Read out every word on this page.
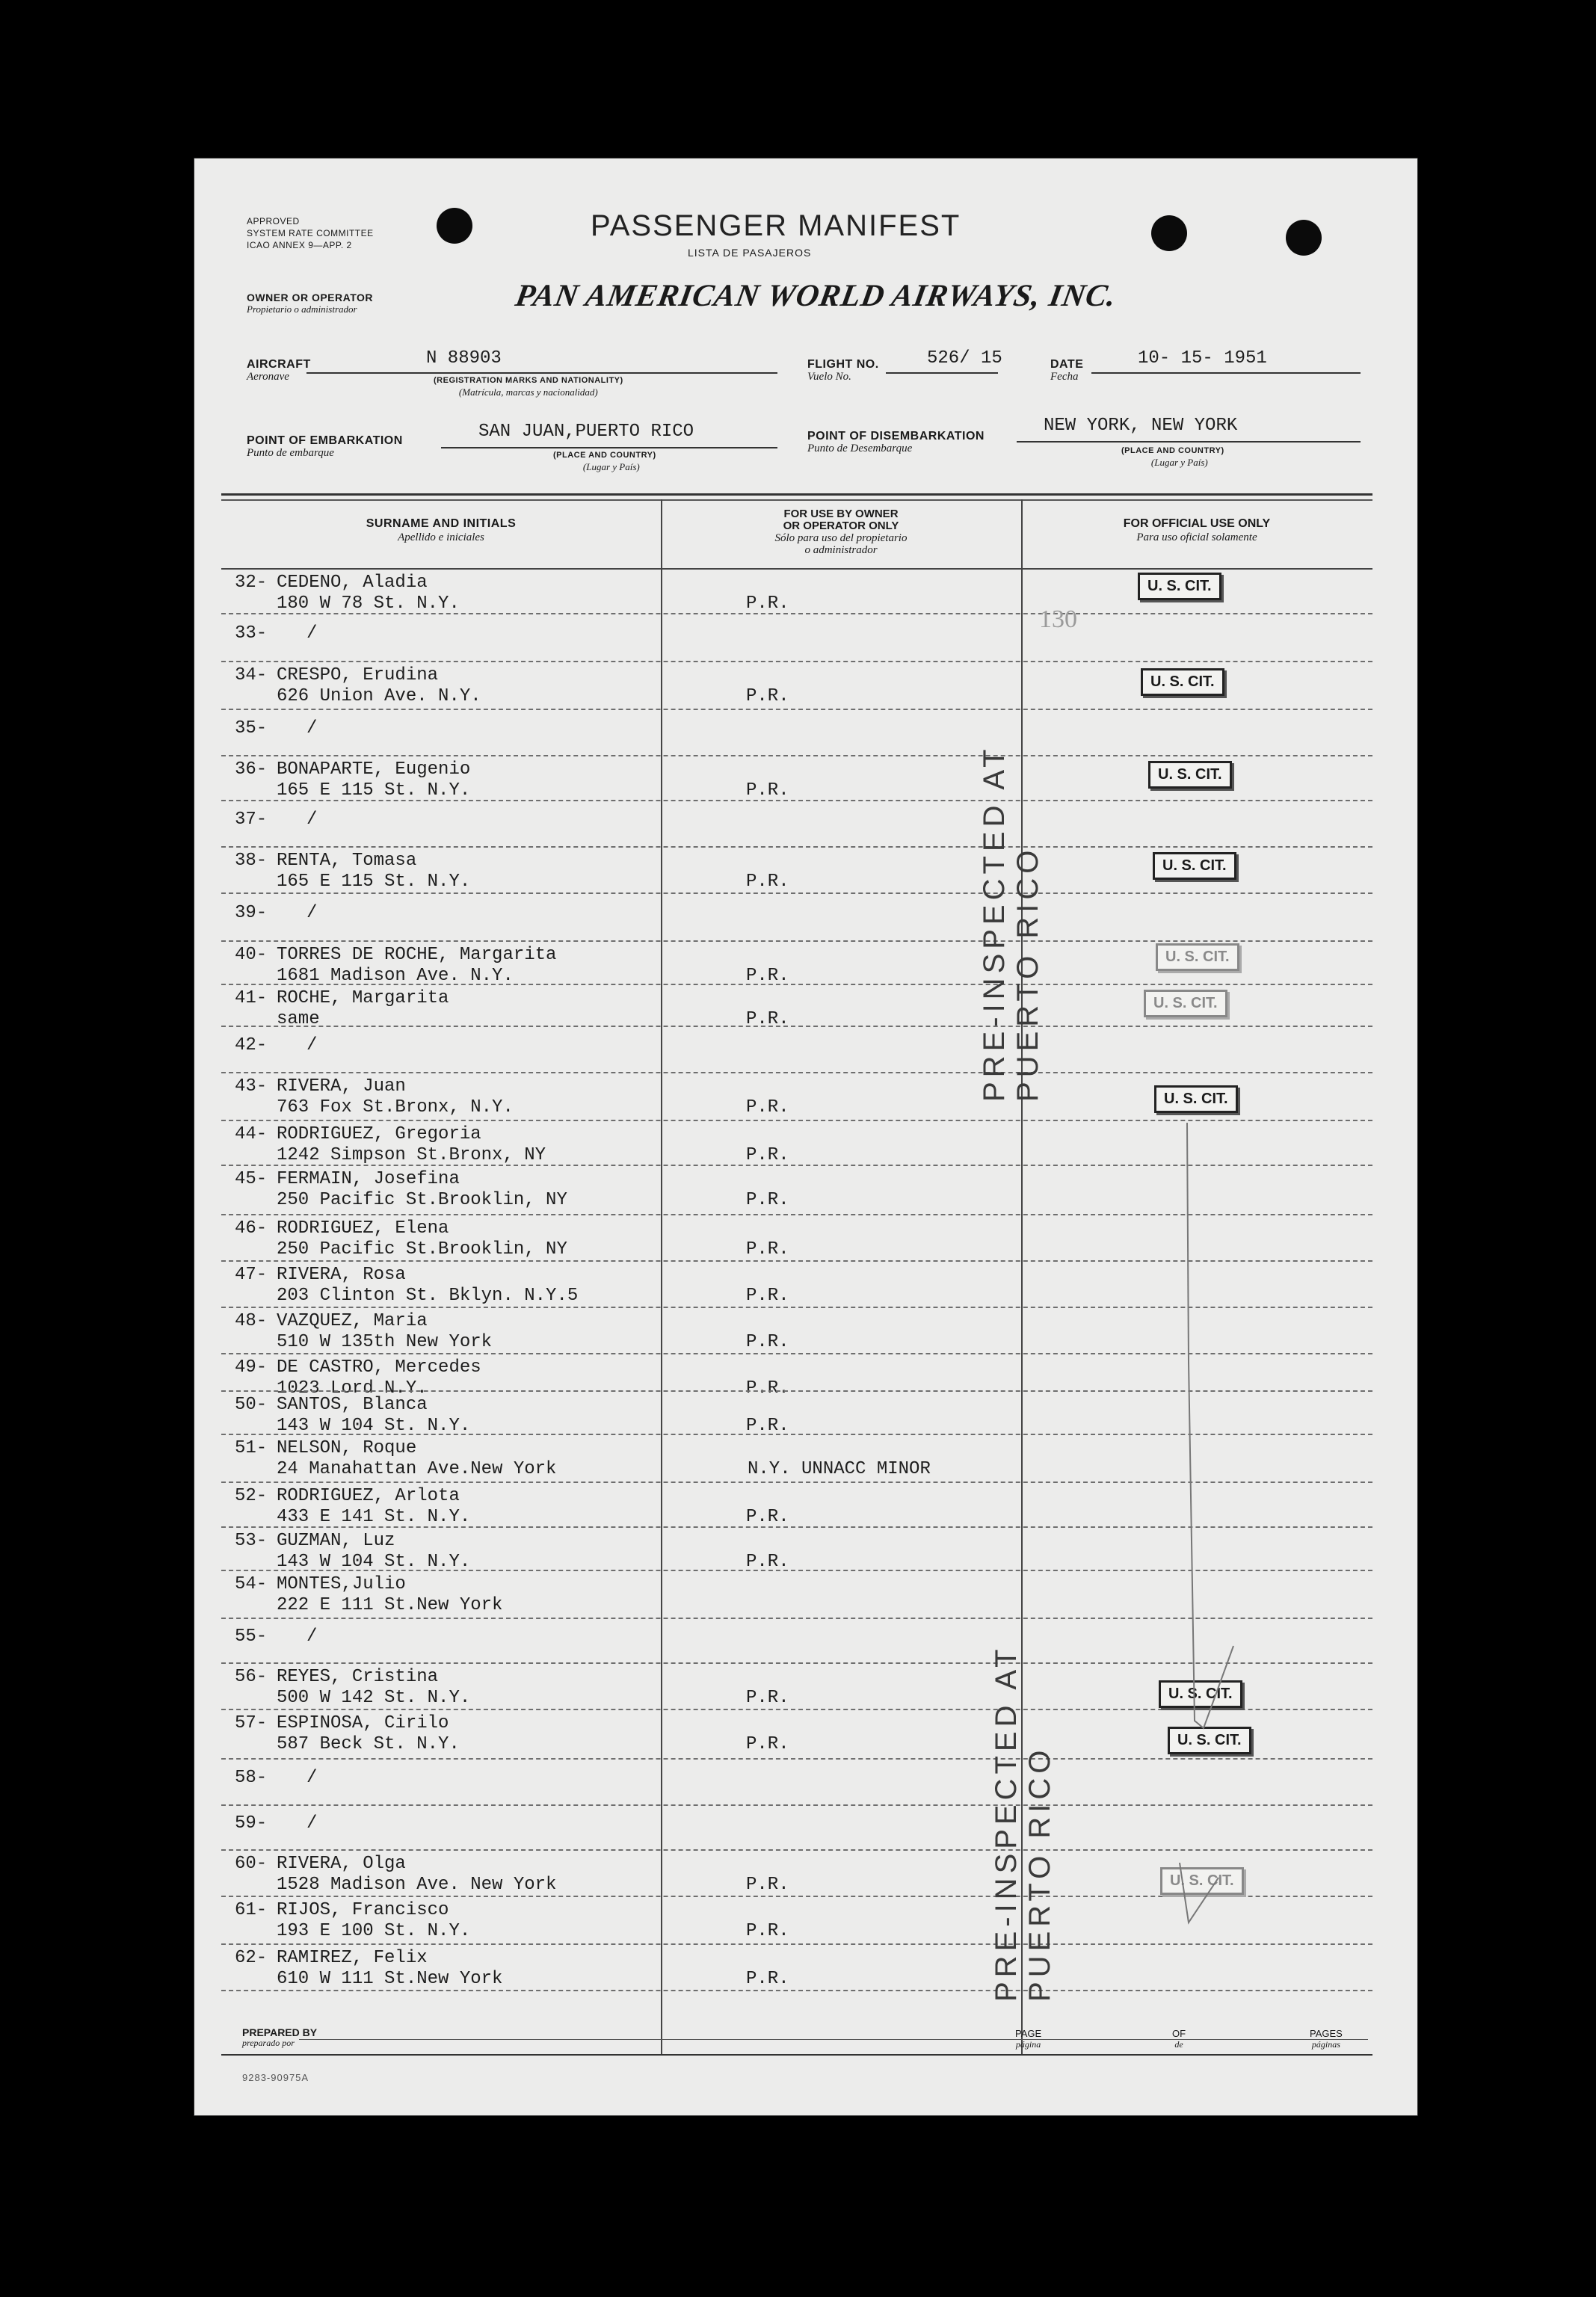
APPROVED
SYSTEM RATE COMMITTEE
ICAO ANNEX 9—APP. 2
PASSENGER MANIFEST
LISTA DE PASAJEROS
OWNER OR OPERATOR
Propietario o administrador	PAN AMERICAN WORLD AIRWAYS, INC.
AIRCRAFT
Aeronave
N 88903
(REGISTRATION MARKS AND NATIONALITY)
(Matrícula, marcas y nacionalidad)
FLIGHT NO.
Vuelo No.
526/ 15	DATE
Fecha
10- 15- 1951
POINT OF EMBARKATION
Punto de embarque
SAN JUAN,PUERTO RICO
(PLACE AND COUNTRY)
(Lugar y País)
POINT OF DISEMBARKATION
Punto de Desembarque
NEW YORK, NEW YORK
(PLACE AND COUNTRY)
(Lugar y País)
SURNAME AND INITIALS
Apellido e iniciales
FOR USE BY OWNER
OR OPERATOR ONLY
Sólo para uso del propietario
o administrador
FOR OFFICIAL USE ONLY
Para uso oficial solamente
32- CEDENO, Aladia
180 W 78 St. N.Y.	P.R.
33- /
34- CRESPO, Erudina
626 Union Ave. N.Y.	P.R.
35- /
36- BONAPARTE, Eugenio
165 E 115 St. N.Y.	P.R.
37- /
38- RENTA, Tomasa
165 E 115 St. N.Y.	P.R.
39- /
40- TORRES DE ROCHE, Margarita
1681 Madison Ave. N.Y.	P.R.
41- ROCHE, Margarita
same	P.R.
42- /
43- RIVERA, Juan
763 Fox St.Bronx, N.Y.	P.R.
44- RODRIGUEZ, Gregoria
1242 Simpson St.Bronx, NY	P.R.
45- FERMAIN, Josefina
250 Pacific St.Brooklin, NY	P.R.
46- RODRIGUEZ, Elena
250 Pacific St.Brooklin, NY	P.R.
47- RIVERA, Rosa
203 Clinton St. Bklyn. N.Y.5	P.R.
48- VAZQUEZ, Maria
510 W 135th New York	P.R.
49- DE CASTRO, Mercedes
1023 Lord N.Y.	P.R.
50- SANTOS, Blanca
143 W 104 St. N.Y.	P.R.
51- NELSON, Roque
24 Manahattan Ave.New York	N.Y. UNNACC MINOR
52- RODRIGUEZ, Arlota
433 E 141 St. N.Y.	P.R.
53- GUZMAN, Luz
143 W 104 St. N.Y.	P.R.
54- MONTES,Julio
222 E 111 St.New York
55- /
56- REYES, Cristina
500 W 142 St. N.Y.	P.R.
57- ESPINOSA, Cirilo
587 Beck St. N.Y.	P.R.
58- /
59- /
60- RIVERA, Olga
1528 Madison Ave. New York	P.R.
61- RIJOS, Francisco
193 E 100 St. N.Y.	P.R.
62- RAMIREZ, Felix
610 W 111 St.New York	P.R.
PRE-INSPECTED AT PUERTO RICO
PRE-INSPECTED AT PUERTO RICO
130
U. S. CIT.
U. S. CIT.
U. S. CIT.
U. S. CIT.
U. S. CIT.
U. S. CIT.
U. S. CIT.
U. S. CIT.
U. S. CIT.
U. S. CIT.
PREPARED BY
preparado por
PAGE
página
OF
de
PAGES
páginas
9283-90975A
